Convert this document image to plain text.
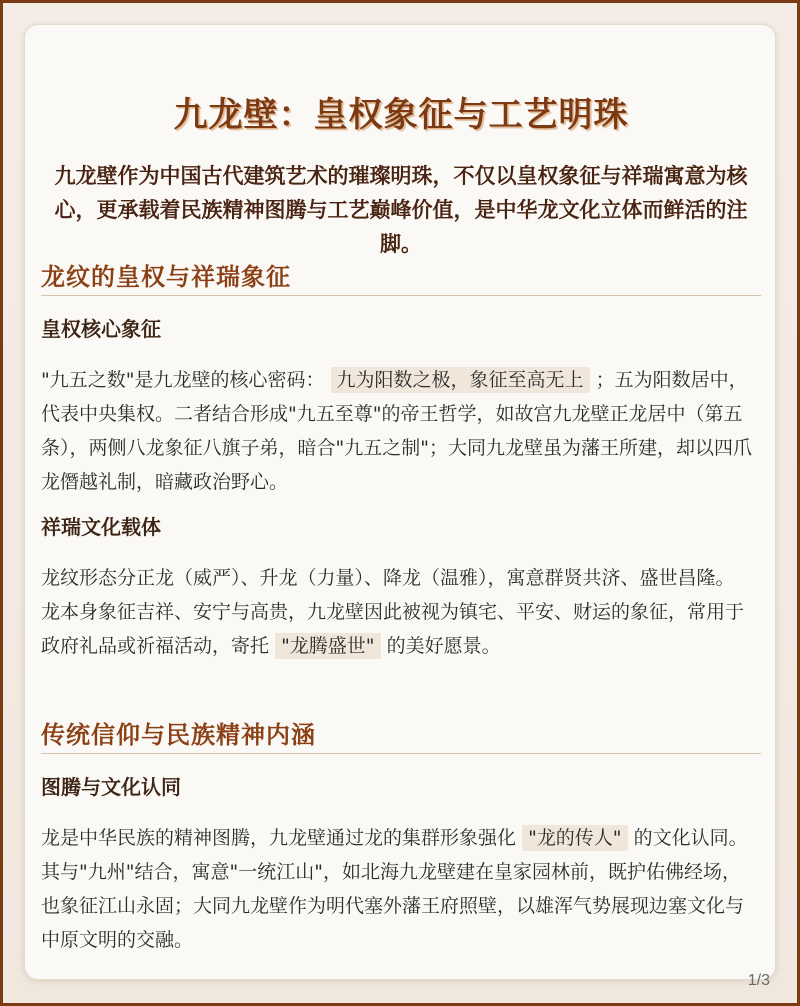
九龙壁：皇权象征与工艺明珠
九龙壁作为中国古代建筑艺术的璀璨明珠，不仅以皇权象征与祥瑞寓意为核心，更承载着民族精神图腾与工艺巅峰价值，是中华龙文化立体而鲜活的注脚。
龙纹的皇权与祥瑞象征
皇权核心象征
"九五之数"是九龙壁的核心密码： 九为阳数之极，象征至高无上 ；五为阳数居中，代表中央集权。二者结合形成"九五至尊"的帝王哲学，如故宫九龙壁正龙居中（第五条），两侧八龙象征八旗子弟，暗合"九五之制"；大同九龙壁虽为藩王所建，却以四爪龙僭越礼制，暗藏政治野心。
祥瑞文化载体
龙纹形态分正龙（威严）、升龙（力量）、降龙（温雅），寓意群贤共济、盛世昌隆。龙本身象征吉祥、安宁与高贵，九龙壁因此被视为镇宅、平安、财运的象征，常用于政府礼品或祈福活动，寄托 "龙腾盛世" 的美好愿景。
传统信仰与民族精神内涵
图腾与文化认同
龙是中华民族的精神图腾，九龙壁通过龙的集群形象强化 "龙的传人" 的文化认同。其与"九州"结合，寓意"一统江山"，如北海九龙壁建在皇家园林前，既护佑佛经场，也象征江山永固；大同九龙壁作为明代塞外藩王府照壁，以雄浑气势展现边塞文化与中原文明的交融。
1/3
